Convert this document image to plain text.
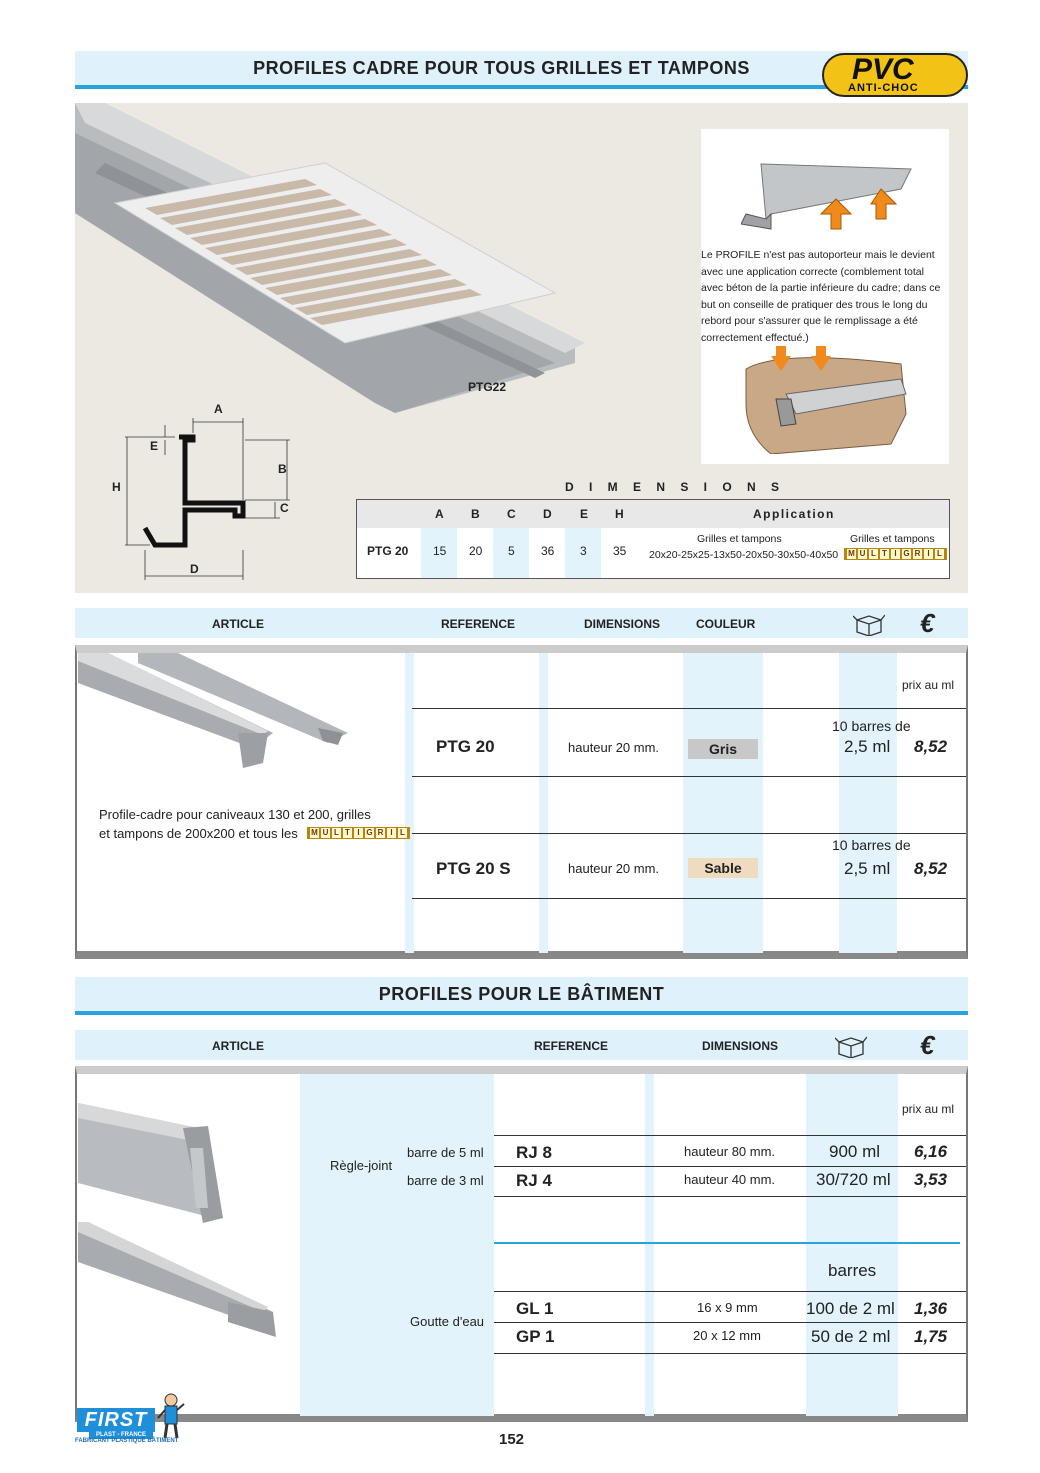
PROFILES CADRE POUR TOUS GRILLES ET TAMPONS	PVC
ANTI-CHOC
PTG22
A
E
B
H
C
D
Le PROFILE n'est pas autoporteur mais le devient avec une application correcte (comblement total avec béton de la partie inférieure du cadre; dans ce but on conseille de pratiquer des trous le long du rebord pour s'assurer que le remplissage a été correctement effectué.)
D I M E N S I O N S
A B C D E H	Application
PTG 20 15 20 5 36 3 35
Grilles et tampons
20x20-25x25-13x50-20x50-30x50-40x50
Grilles et tampons
M U L T I G R I L
ARTICLE	REFERENCE	DIMENSIONS	COULEUR	€
Profile-cadre pour caniveaux 130 et 200, grilles
et tampons de 200x200 et tous les M U L T I G R I L
prix au ml
10 barres de
PTG 20	hauteur 20 mm.	Gris	2,5 ml 8,52
10 barres de
PTG 20 S	hauteur 20 mm.	Sable	2,5 ml 8,52
PROFILES POUR LE BÂTIMENT
ARTICLE	REFERENCE	DIMENSIONS	€
prix au ml
Règle-joint
barre de 5 ml RJ 8	hauteur 80 mm.	900 ml 6,16
barre de 3 ml RJ 4	hauteur 40 mm. 30/720 ml 3,53
barres
Goutte d'eau
GL 1	16 x 9 mm	100 de 2 ml 1,36
GP 1	20 x 12 mm	50 de 2 ml 1,75
FIRST
PLAST - FRANCE
FABRICANT PLASTIQUE BÂTIMENT	152
